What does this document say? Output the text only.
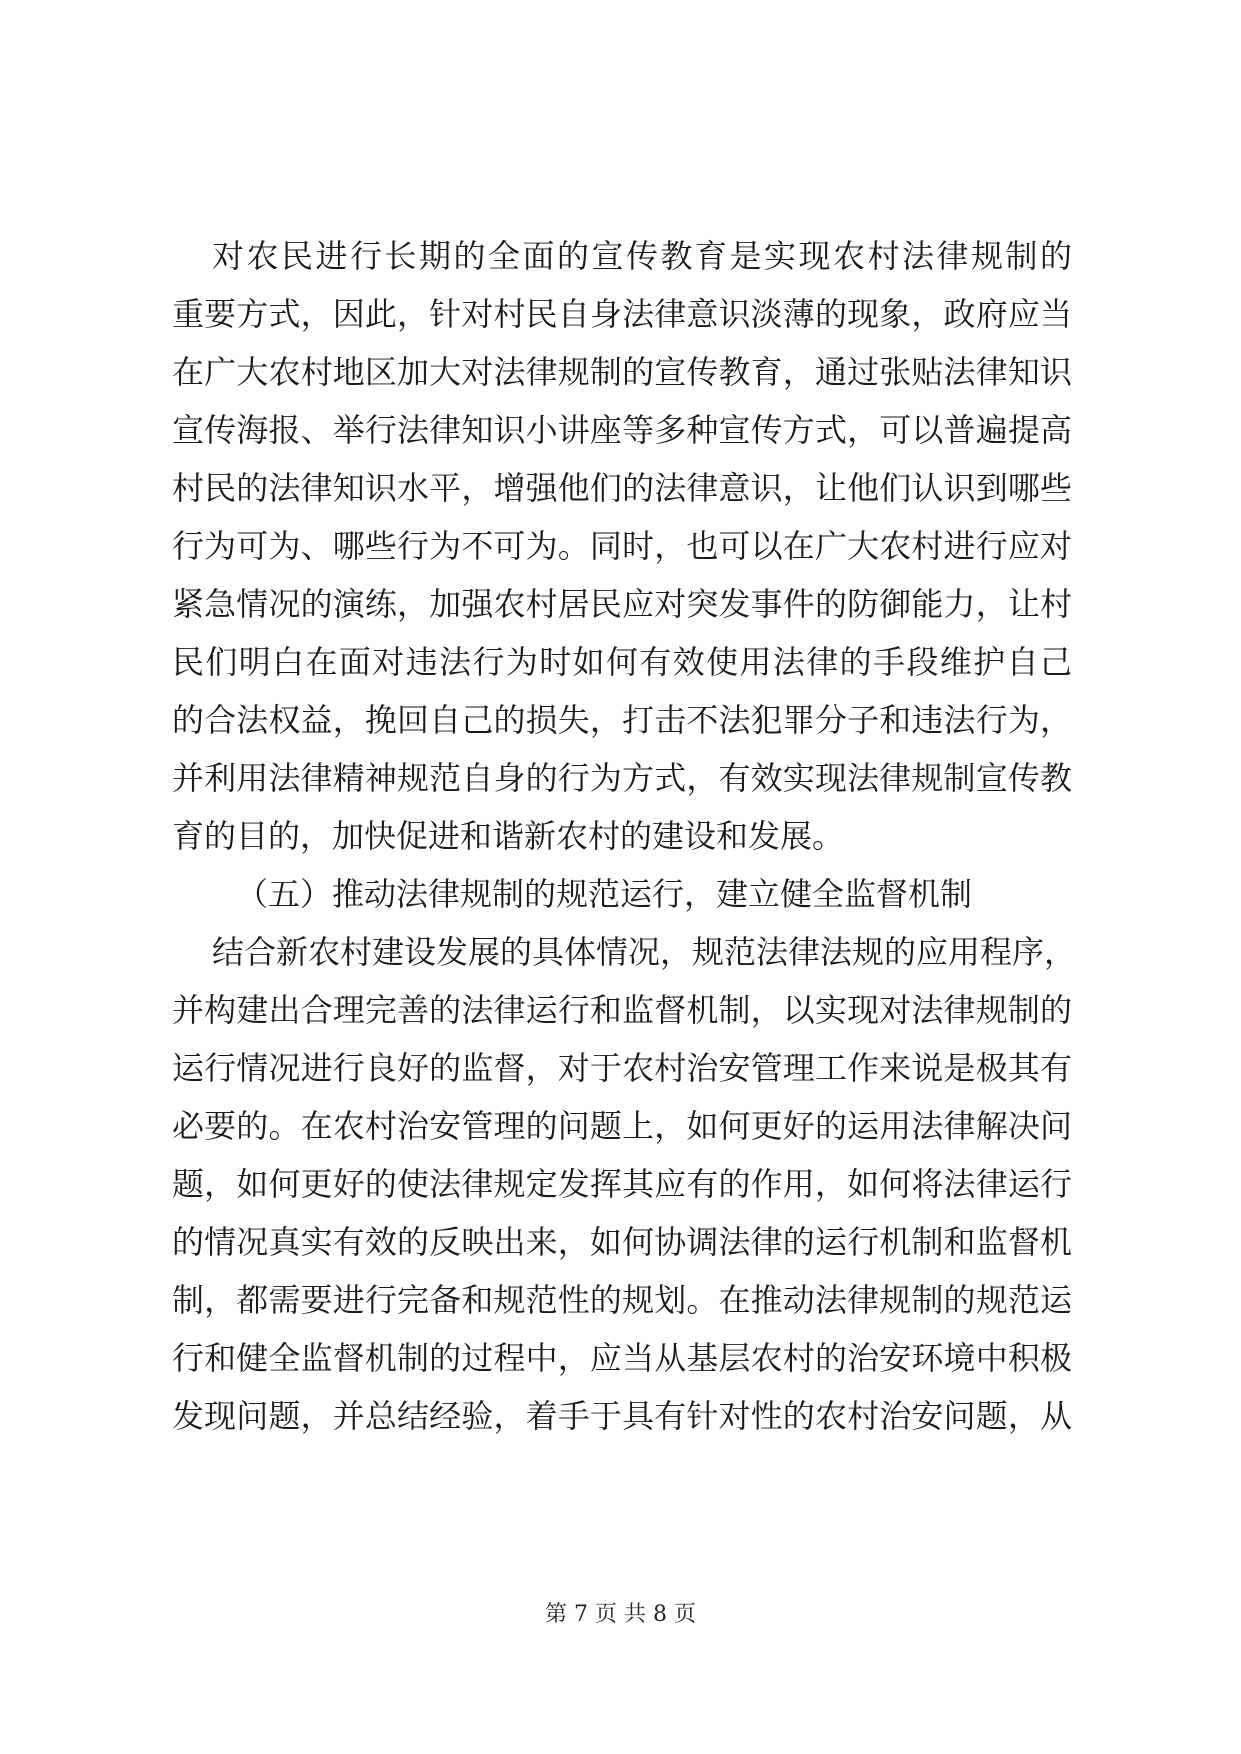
对农民进行长期的全面的宣传教育是实现农村法律规制的
重要方式，因此，针对村民自身法律意识淡薄的现象，政府应当
在广大农村地区加大对法律规制的宣传教育，通过张贴法律知识
宣传海报、举行法律知识小讲座等多种宣传方式，可以普遍提高
村民的法律知识水平，增强他们的法律意识，让他们认识到哪些
行为可为、哪些行为不可为。同时，也可以在广大农村进行应对
紧急情况的演练，加强农村居民应对突发事件的防御能力，让村
民们明白在面对违法行为时如何有效使用法律的手段维护自己
的合法权益，挽回自己的损失，打击不法犯罪分子和违法行为，
并利用法律精神规范自身的行为方式，有效实现法律规制宣传教
育的目的，加快促进和谐新农村的建设和发展。
（五）推动法律规制的规范运行，建立健全监督机制
结合新农村建设发展的具体情况，规范法律法规的应用程序，
并构建出合理完善的法律运行和监督机制，以实现对法律规制的
运行情况进行良好的监督，对于农村治安管理工作来说是极其有
必要的。在农村治安管理的问题上，如何更好的运用法律解决问
题，如何更好的使法律规定发挥其应有的作用，如何将法律运行
的情况真实有效的反映出来，如何协调法律的运行机制和监督机
制，都需要进行完备和规范性的规划。在推动法律规制的规范运
行和健全监督机制的过程中，应当从基层农村的治安环境中积极
发现问题，并总结经验，着手于具有针对性的农村治安问题，从
第 7 页 共 8 页
